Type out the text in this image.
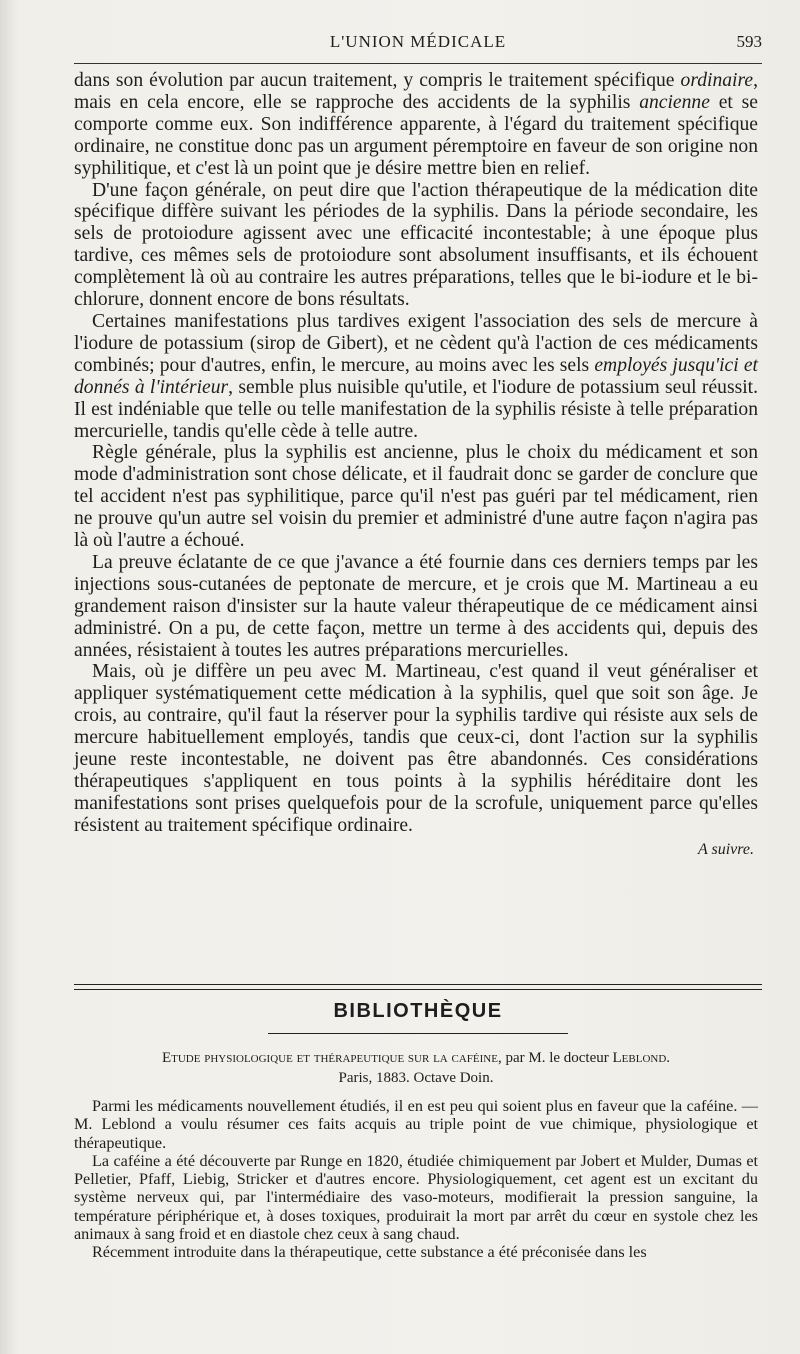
L'UNION MÉDICALE	593

dans son évolution par aucun traitement, y compris le traitement spécifique ordinaire, mais en cela encore, elle se rapproche des accidents de la syphilis ancienne et se comporte comme eux. Son indifférence apparente, à l'égard du traitement spécifique ordinaire, ne constitue donc pas un argument péremptoire en faveur de son origine non syphilitique, et c'est là un point que je désire mettre bien en relief.

D'une façon générale, on peut dire que l'action thérapeutique de la médication dite spécifique diffère suivant les périodes de la syphilis. Dans la période secondaire, les sels de protoiodure agissent avec une efficacité incontestable; à une époque plus tardive, ces mêmes sels de protoiodure sont absolument insuffisants, et ils échouent complètement là où au contraire les autres préparations, telles que le bi-iodure et le bi-chlorure, donnent encore de bons résultats.

Certaines manifestations plus tardives exigent l'association des sels de mercure à l'iodure de potassium (sirop de Gibert), et ne cèdent qu'à l'action de ces médicaments combinés; pour d'autres, enfin, le mercure, au moins avec les sels employés jusqu'ici et donnés à l'intérieur, semble plus nuisible qu'utile, et l'iodure de potassium seul réussit. Il est indéniable que telle ou telle manifestation de la syphilis résiste à telle préparation mercurielle, tandis qu'elle cède à telle autre.

Règle générale, plus la syphilis est ancienne, plus le choix du médicament et son mode d'administration sont chose délicate, et il faudrait donc se garder de conclure que tel accident n'est pas syphilitique, parce qu'il n'est pas guéri par tel médicament, rien ne prouve qu'un autre sel voisin du premier et administré d'une autre façon n'agira pas là où l'autre a échoué.

La preuve éclatante de ce que j'avance a été fournie dans ces derniers temps par les injections sous-cutanées de peptonate de mercure, et je crois que M. Martineau a eu grandement raison d'insister sur la haute valeur thérapeutique de ce médicament ainsi administré. On a pu, de cette façon, mettre un terme à des accidents qui, depuis des années, résistaient à toutes les autres préparations mercurielles.

Mais, où je diffère un peu avec M. Martineau, c'est quand il veut généraliser et appliquer systématiquement cette médication à la syphilis, quel que soit son âge. Je crois, au contraire, qu'il faut la réserver pour la syphilis tardive qui résiste aux sels de mercure habituellement employés, tandis que ceux-ci, dont l'action sur la syphilis jeune reste incontestable, ne doivent pas être abandonnés. Ces considérations thérapeutiques s'appliquent en tous points à la syphilis héréditaire dont les manifestations sont prises quelquefois pour de la scrofule, uniquement parce qu'elles résistent au traitement spécifique ordinaire.

A suivre.

BIBLIOTHÈQUE
Etude physiologique et thérapeutique sur la caféine, par M. le docteur Leblond.
Paris, 1883. Octave Doin.

Parmi les médicaments nouvellement étudiés, il en est peu qui soient plus en faveur que la caféine. — M. Leblond a voulu résumer ces faits acquis au triple point de vue chimique, physiologique et thérapeutique.

La caféine a été découverte par Runge en 1820, étudiée chimiquement par Jobert et Mulder, Dumas et Pelletier, Pfaff, Liebig, Stricker et d'autres encore. Physiologiquement, cet agent est un excitant du système nerveux qui, par l'intermédiaire des vaso-moteurs, modifierait la pression sanguine, la température périphérique et, à doses toxiques, produirait la mort par arrêt du cœur en systole chez les animaux à sang froid et en diastole chez ceux à sang chaud.

Récemment introduite dans la thérapeutique, cette substance a été préconisée dans les
